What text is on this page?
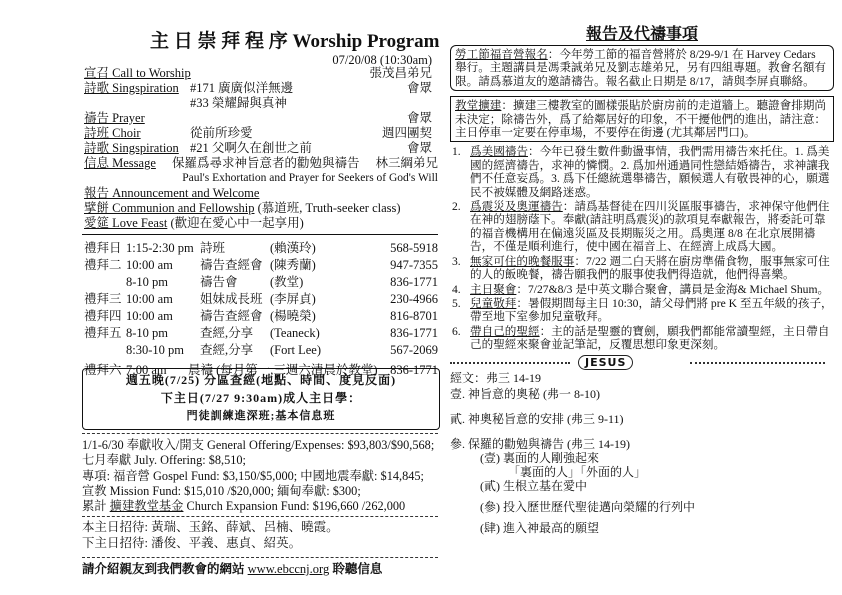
主 日 崇 拜 程 序 Worship Program
07/20/08 (10:30am)
宣召 Call to Worship	張茂昌弟兄
詩歌 Singspiration #171 廣廣似洋無邊	會眾
#33 榮耀歸與真神
禱告 Prayer	會眾
詩班 Choir	從前所珍愛	週四團契
詩歌 Singspiration #21 父啊久在創世之前	會眾
信息 Message 保羅爲尋求神旨意者的勸勉與禱告 林三綱弟兄
Paul's Exhortation and Prayer for Seekers of God's Will
報告 Announcement and Welcome
擘餅 Communion and Fellowship (慕道班, Truth-seeker class)
愛筵 Love Feast (歡迎在愛心中一起享用)
禮拜日 1:15-2:30 pm 詩班	(賴漢玲)	568-5918
禮拜二 10:00 am 禱告查經會 (陳秀蘭)	947-7355
8-10 pm	禱告會	(教堂)	836-1771
禮拜三 10:00 am 姐妹成長班 (李屏貞)	230-4966
禮拜四 10:00 am 禱告查經會 (楊曉榮)	816-8701
禮拜五 8-10 pm	查經,分享 (Teaneck)	836-1771
8:30-10 pm 查經,分享 (Fort Lee)	567-2069
禮拜六 7:00 am 晨禱 (每月第一,三週六清晨於教堂) 836-1771
週五晚(7/25) 分區查經(地點、時間、度見反面)
下主日(7/27 9:30am)成人主日學：
門徒訓練進深班;基本信息班
1/1-6/30 奉獻收入/開支 General Offering/Expenses: $93,803/$90,568;
七月奉獻 July. Offering: $8,510;
專項: 福音營 Gospel Fund: $3,150/$5,000; 中國地震奉獻: $14,845;
宣教 Mission Fund: $15,010 /$20,000; 緬甸奉獻: $300;
累計 擴建教堂基金 Church Expansion Fund: $196,660 /262,000
本主日招待: 黃瑞、玉銘、薛斌、呂楠、曉霞。
下主日招待: 潘俊、平義、惠貞、紹英。
請介紹親友到我們教會的網站 www.ebccnj.org 聆聽信息
報告及代禱事項
勞工節福音營報名：今年勞工節的福音營將於 8/29-9/1 在 Harvey Cedars 舉行。主題講員是馮秉誠弟兄及劉志雄弟兄，另有四組專題。教會名額有限。請爲慕道友的邀請禱告。報名截止日期是 8/17，請與李屏貞聯絡。
教堂擴建：擴建三樓教室的圖樣張貼於廚房前的走道牆上。聽證會排期尚未決定；除禱告外，爲了給鄰居好的印象，不干擾他們的進出，請注意：主日停車一定要在停車場，不要停在街邊 (尤其鄰居門口)。
1. 爲美國禱告：今年已發生數件動盪事情，我們需用禱告來托住。1. 爲美國的經濟禱告，求神的憐憫。2. 爲加州通過同性戀結婚禱告，求神讓我們不任意妄爲。3. 爲下任總統選舉禱告，願候選人有敬畏神的心，願選民不被媒體及網路迷惑。
2. 爲震災及奧運禱告：請爲基督徒在四川災區服事禱告，求神保守他們住在神的翅膀蔭下。奉獻(請註明爲震災)的款項見奉獻報告，將委託可靠的福音機構用在偏遠災區及長期賑災之用。爲奧運 8/8 在北京展開禱告，不僅是順利進行，使中國在福音上、在經濟上成爲大國。
3. 無家可住的晚餐服事：7/22 週二白天將在廚房準備食物，服事無家可住的人的飯晚餐，禱告願我們的服事使我們得造就，他們得喜樂。
4. 主日聚會：7/27&8/3 是中英文聯合聚會，講員是金海& Michael Shum。
5. 兒童敬拜：暑假期間每主日 10:30，請父母們將 pre K 至五年級的孩子，帶至地下室參加兒童敬拜。
6. 帶自己的聖經：主的話是聖靈的寶劍，願我們都能常讀聖經，主日帶自己的聖經來聚會並記筆記，反覆思想印象更深刻。
JESUS
經文：弗三 14-19
壹. 神旨意的奧秘 (弗一 8-10)
貳. 神奧秘旨意的安排 (弗三 9-11)
參. 保羅的勸勉與禱告 (弗三 14-19)
(壹) 裏面的人剛強起來
「裏面的人」「外面的人」
(貳) 生根立基在愛中
(參) 投入歷世歷代聖徒邁向榮耀的行列中
(肆) 進入神最高的願望
